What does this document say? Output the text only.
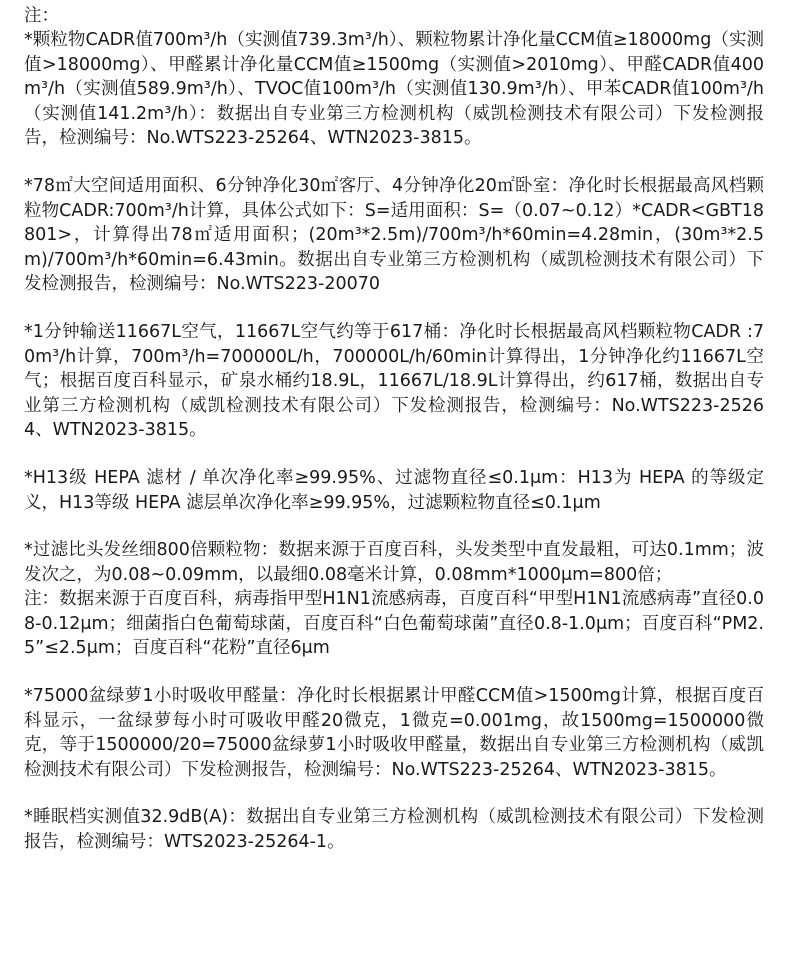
注：

*颗粒物CADR值700m³/h（实测值739.3m³/h）、颗粒物累计净化量CCM值≥18000mg（实测值>18000mg）、甲醛累计净化量CCM值≥1500mg（实测值>2010mg）、甲醛CADR值400m³/h（实测值589.9m³/h）、TVOC值100m³/h（实测值130.9m³/h）、甲苯CADR值100m³/h（实测值141.2m³/h）：数据出自专业第三方检测机构（威凯检测技术有限公司）下发检测报告，检测编号：No.WTS223-25264、WTN2023-3815。

*78㎡大空间适用面积、6分钟净化30㎡客厅、4分钟净化20㎡卧室：净化时长根据最高风档颗粒物CADR:700m³/h计算，具体公式如下：S=适用面积：S=（0.07~0.12）*CADR<GBT18801>，计算得出78㎡适用面积；(20m³*2.5m)/700m³/h*60min=4.28min，(30m³*2.5m)/700m³/h*60min=6.43min。数据出自专业第三方检测机构（威凯检测技术有限公司）下发检测报告，检测编号：No.WTS223-20070

*1分钟输送11667L空气，11667L空气约等于617桶：净化时长根据最高风档颗粒物CADR :70m³/h计算，700m³/h=700000L/h，700000L/h/60min计算得出，1分钟净化约11667L空气；根据百度百科显示，矿泉水桶约18.9L，11667L/18.9L计算得出，约617桶，数据出自专业第三方检测机构（威凯检测技术有限公司）下发检测报告，检测编号：No.WTS223-25264、WTN2023-3815。

*H13级 HEPA 滤材 / 单次净化率≥99.95%、过滤物直径≤0.1μm：H13为 HEPA 的等级定义，H13等级 HEPA 滤层单次净化率≥99.95%，过滤颗粒物直径≤0.1μm

*过滤比头发丝细800倍颗粒物：数据来源于百度百科，头发类型中直发最粗，可达0.1mm；波发次之，为0.08~0.09mm，以最细0.08毫米计算，0.08mm*1000μm=800倍；
注：数据来源于百度百科，病毒指甲型H1N1流感病毒，百度百科“甲型H1N1流感病毒”直径0.08-0.12μm；细菌指白色葡萄球菌，百度百科“白色葡萄球菌”直径0.8-1.0μm；百度百科“PM2.5”≤2.5μm；百度百科“花粉”直径6μm

*75000盆绿萝1小时吸收甲醛量：净化时长根据累计甲醛CCM值>1500mg计算，根据百度百科显示，一盆绿萝每小时可吸收甲醛20微克，1微克=0.001mg，故1500mg=1500000微克，等于1500000/20=75000盆绿萝1小时吸收甲醛量，数据出自专业第三方检测机构（威凯检测技术有限公司）下发检测报告，检测编号：No.WTS223-25264、WTN2023-3815。

*睡眠档实测值32.9dB(A)：数据出自专业第三方检测机构（威凯检测技术有限公司）下发检测报告，检测编号：WTS2023-25264-1。
